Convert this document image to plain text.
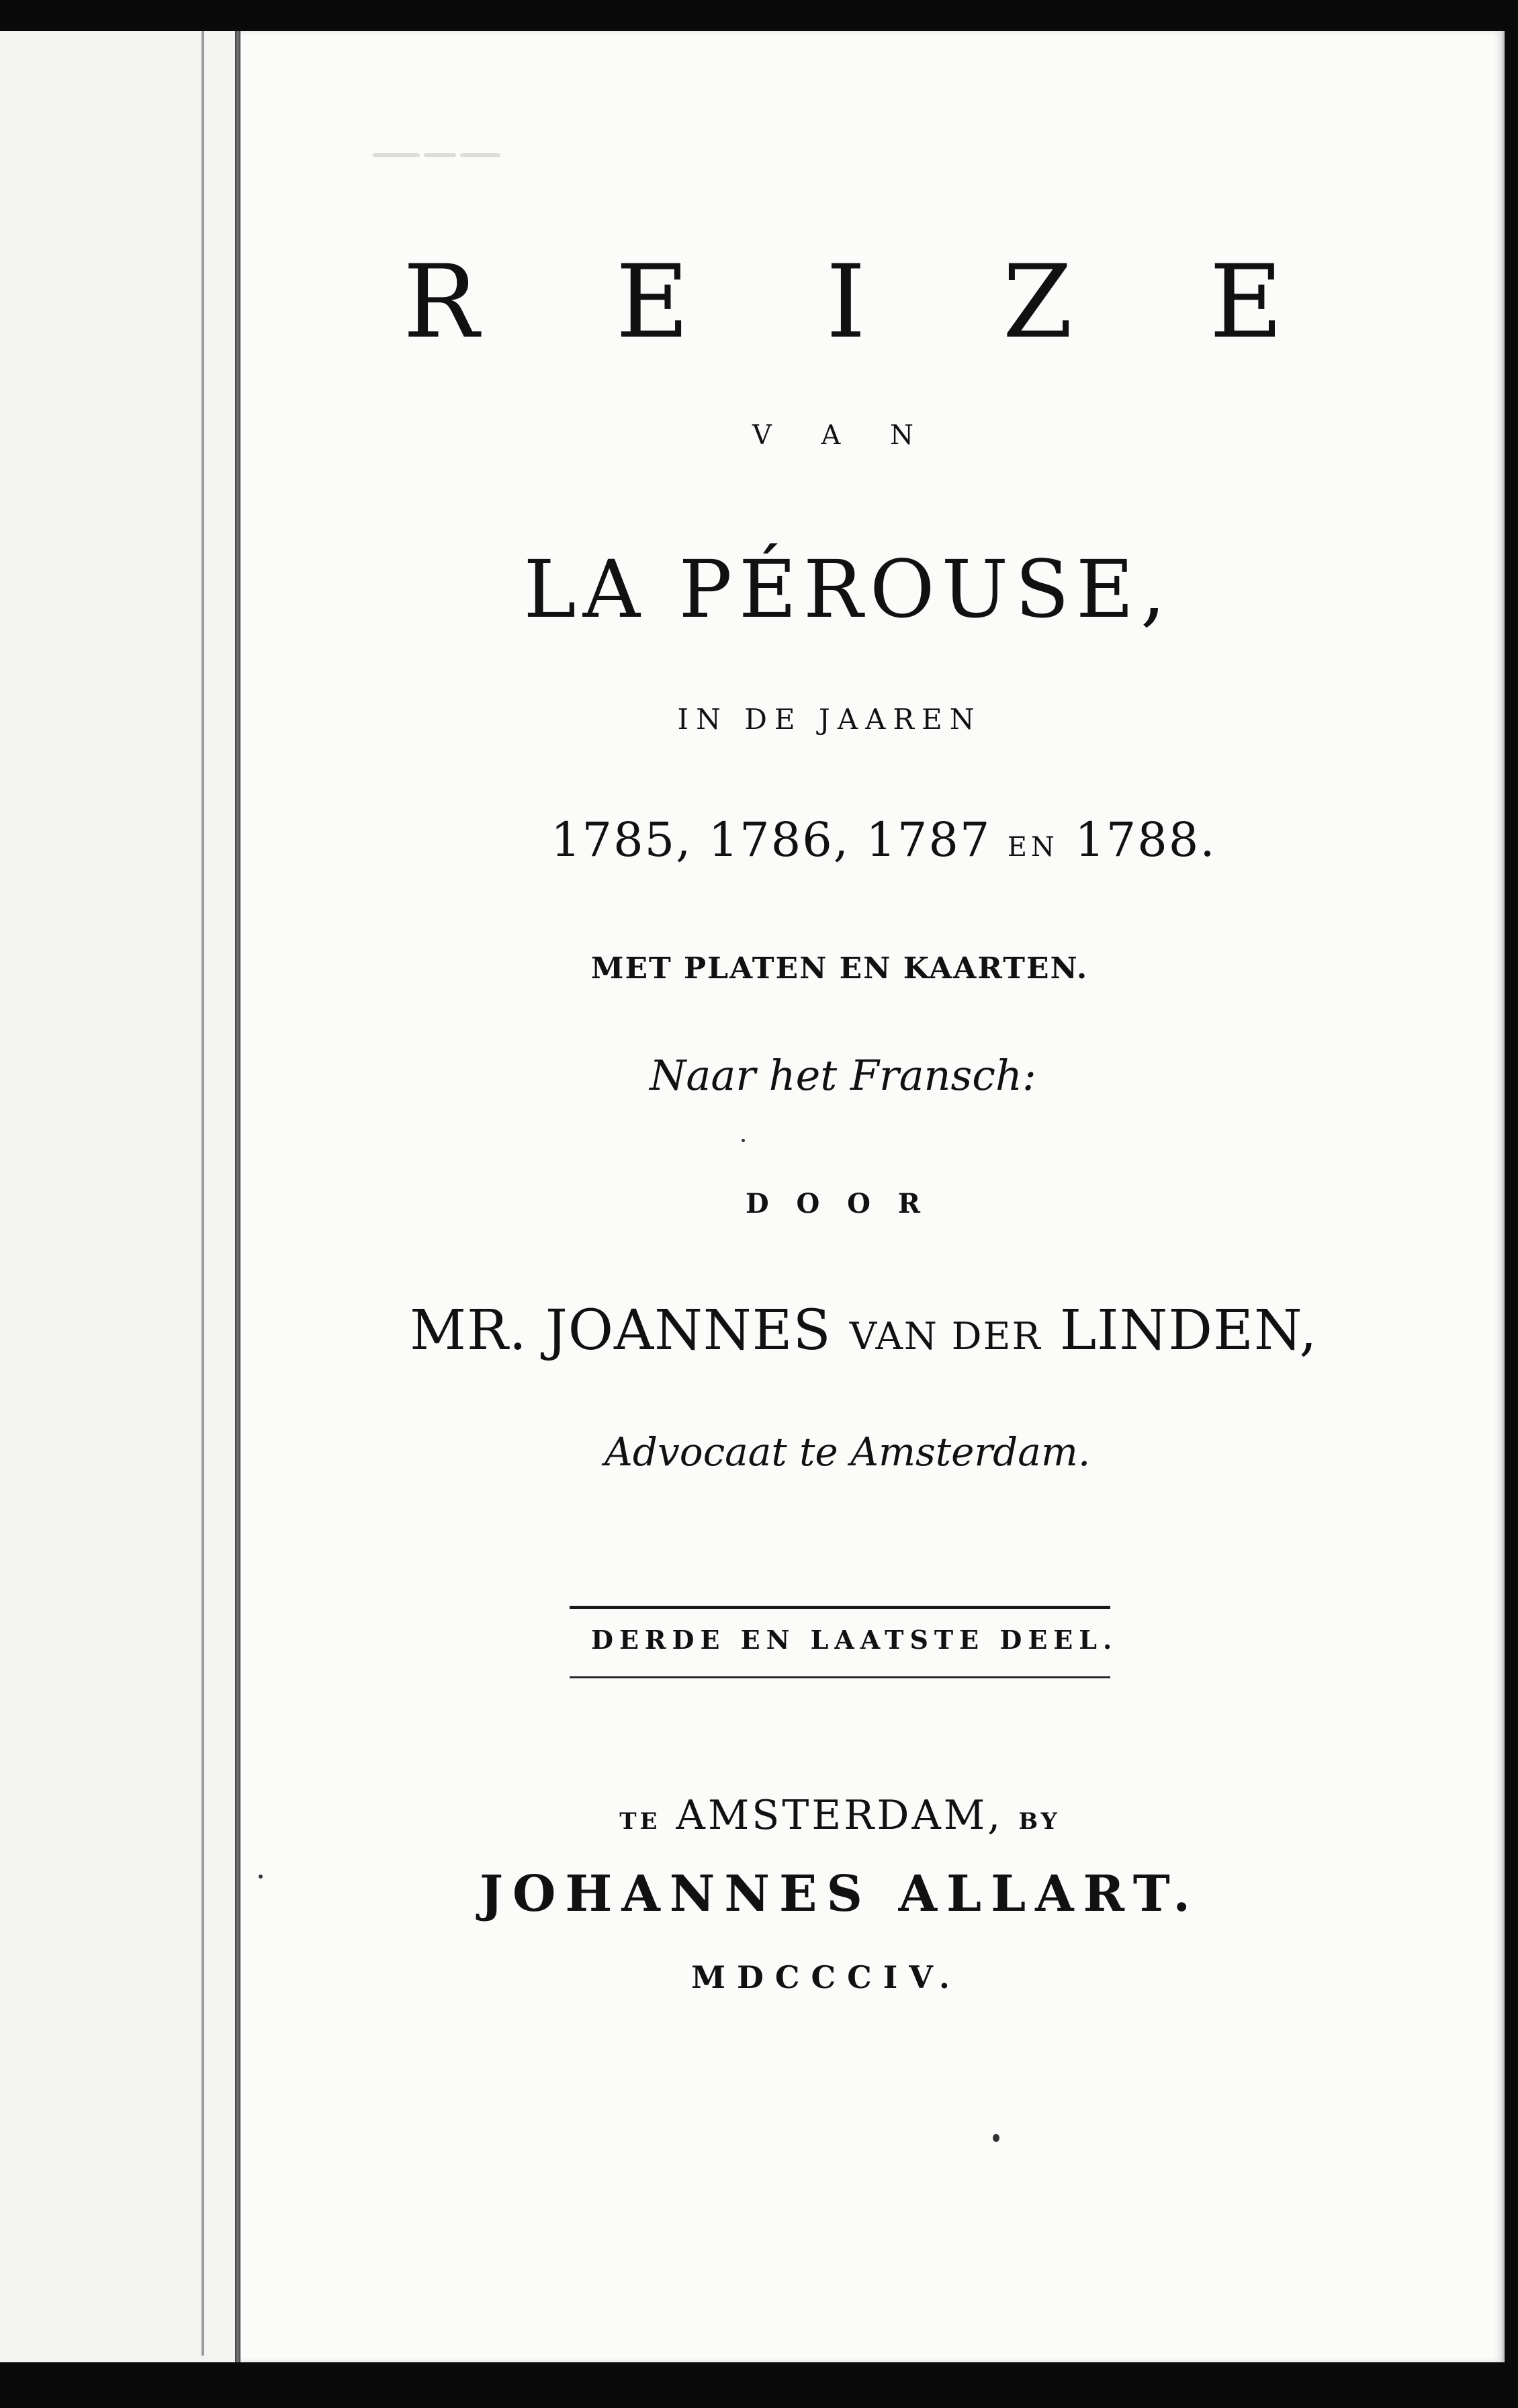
R E I Z E
V A N
LA PÉROUSE,
IN DE JAAREN
1785, 1786, 1787 EN 1788.
MET PLATEN EN KAARTEN.
Naar het Fransch:
D O O R
MR. JOANNES VAN DER LINDEN,
Advocaat te Amsterdam.
DERDE EN LAATSTE DEEL.
TE AMSTERDAM, BY
JOHANNES ALLART.
MDCCCIV.
